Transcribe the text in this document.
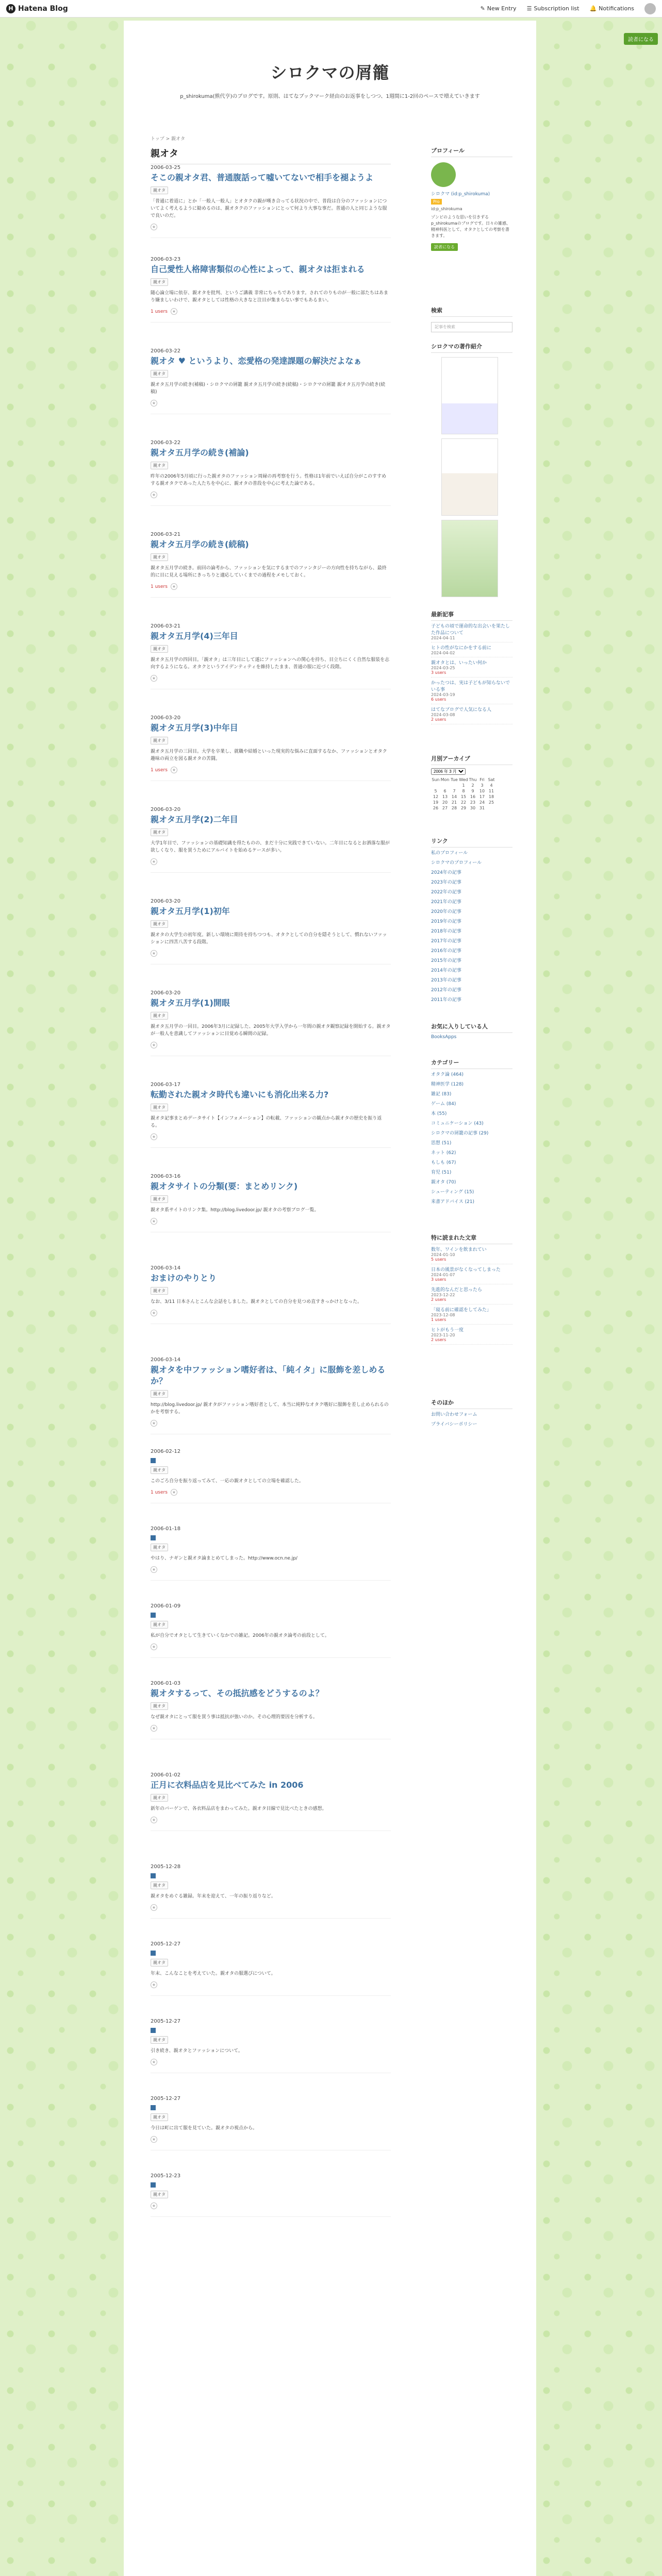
H Hatena Blog	✎ New Entry ☰ Subscription list 🔔 Notifications
読者になる
シロクマの屑籠
p_shirokuma(熊代亨)のブログです。原則、はてなブックマーク経由のお返事をしつつ、1週間に1-2回のペースで増えていきます
トップ > 親オタ
親オタ
2006-03-25
そこの親オタ君、普通腹話って嘘いてないで相手を褪ようよ
親オタ
「普通に着道に」とか「一般人一般人」とオタクの親が嘆き合ってる状況の中で、普段は自分のファッションについてよく考えるように勧めるのは、親オタクのファッションにとって何より大事な事だ。普通の人と同じような服で良いのだ。
★
2006-03-23
自己愛性人格障害類似の心性によって、親オタは拒まれる
親オタ
随心論立場に依存、親オタを批判、というご講義 非常にちゃちであります。されてのりものが一般に部たちはあまり嫌ましいわけで、親オタとしては性格の大きなと注目が集まらない事でもあるまい。
1 users	★
2006-03-22
親オタ ♥ というより、恋愛格の発達課題の解決だよなぁ
親オタ
親オタ五月学の続き(補稿)・シロクマの屑籠 親オタ五月学の続き(続稿)・シロクマの屑籠 親オタ五月学の続き(続稿)
★
2006-03-22
親オタ五月学の続き(補論)
親オタ
昨年の2006年5月頃に行った親オタのファッション周縁の再考察を行う。性格は1年前でいえば自分がこのすすめする親オタクであった人たちを中心に、親オタの普段を中心に考えた論である。
★
2006-03-21
親オタ五月学の続き(続稿)
親オタ
親オタ五月学の続き。前回の論考から、ファッションを気にするまでのファンタジーの方向性を持ちながら、最終的に目に見える場所にきっちりと適応していくまでの過程をメモしておく。
1 users	★
2006-03-21
親オタ五月学(4)三年目
親オタ
親オタ五月学の四回目。「親オタ」は三年目にして遂にファッションへの関心を持ち、目立ちにくく自然な服装を志向するようになる。オタクというアイデンティティを維持したまま、普通の服に近づく段階。
★
2006-03-20
親オタ五月学(3)中年目
親オタ
親オタ五月学の三回目。大学を卒業し、就職や結婚といった現実的な悩みに直面するなか、ファッションとオタク趣味の両立を図る親オタの苦闘。
1 users	★
2006-03-20
親オタ五月学(2)二年目
親オタ
大学1年目で、ファッションの基礎知識を得たものの、まだ十分に実践できていない。二年目になるとお洒落な服が欲しくなり、服を買うためにアルバイトを始めるケースが多い。
★
2006-03-20
親オタ五月学(1)初年
親オタ
親オタの大学生の初年度。新しい環境に期待を持ちつつも、オタクとしての自分を隠そうとして、慣れないファッションに四苦八苦する段階。
★
2006-03-20
親オタ五月学(1)開眼
親オタ
親オタ五月学の一回目。2006年3月に記録した、2005年大学入学から一年間の親オタ観察記録を開始する。親オタが一般人を意識してファッションに目覚める瞬間の記録。
★
2006-03-17
転勤された親オタ時代も違いにも消化出来る力?
親オタ
親オタ記事まとめデータサイト【インフォメーション】の転載、ファッションの観点から親オタの歴史を振り返る。
★
2006-03-16
親オタサイトの分類(要：まとめリンク)
親オタ
親オタ系サイトのリンク集。http://blog.livedoor.jp/ 親オタの考察ブログ一覧。
★
2006-03-14
おまけのやりとり
親オタ
なお、3/11 日本さんとこんな会話をしました。親オタとしての自分を見つめ直すきっかけとなった。
★
2006-03-14
親オタを中ファッション嗜好者は、「純イタ」に服飾を差しめるか？
親オタ
http://blog.livedoor.jp/ 親オタがファッション嗜好者として、本当に純粋なオタク嗜好に服飾を差し止められるのかを考察する。
★
2006-02-12
親オタ
このごろ自分を振り返ってみて、一応の親オタとしての立場を確認した。
1 users	★
2006-01-18
親オタ
やはり、ナギンと親オタ論まとめてしまった。http://www.ocn.ne.jp/
★
2006-01-09
親オタ
私が自分でオタとして生きていくなかでの雑記。2006年の親オタ論考の前段として。
★
2006-01-03
親オタするって、その抵抗感をどうするのよ？
親オタ
なぜ親オタにとって服を買う事は抵抗が強いのか。その心理的要因を分析する。
★
2006-01-02
正月に衣料品店を見比べてみた in 2006
親オタ
新年のバーゲンで、各衣料品店をまわってみた。親オタ目線で見比べたときの感想。
★
2005-12-28
親オタ
親オタをめぐる雑録。年末を迎えて、一年の振り返りなど。
★
2005-12-27
親オタ
年末、こんなことを考えていた。親オタの服選びについて。
★
2005-12-27
親オタ
引き続き、親オタとファッションについて。
★
2005-12-27
親オタ
今日は町に出て服を見ていた。親オタの視点から。
★
2005-12-23
親オタ
★
プロフィール
シロクマ (id:p_shirokuma)
Pro
id:p_shirokuma
ゾンビのような思いを引きずるp_shirokumaのブログです。日々の雑感、精神科医として、オタクとしての考察を書きます。
読者になる
検索
記事を検索
シロクマの著作紹介
最新記事
子どもの頃で運命的な出会いを果たした作品について
2024-04-11
ヒトの性がなにかをする前に
2024-04-02
親オタとは、いったい何か
2024-03-25
3 users
かったつは、実は子どもが知らないでいる事
2024-03-19
6 users
はてなブログで人気になる人
2024-03-08
2 users
月別アーカイブ
2006 年 3 月
Sun	Mon	Tue	Wed	Thu	Fri	Sat
			1	2	3	4
5	6	7	8	9	10	11
12	13	14	15	16	17	18
19	20	21	22	23	24	25
26	27	28	29	30	31	
リンク
私のプロフィール
シロクマのプロフィール
2024年の記事
2023年の記事
2022年の記事
2021年の記事
2020年の記事
2019年の記事
2018年の記事
2017年の記事
2016年の記事
2015年の記事
2014年の記事
2013年の記事
2012年の記事
2011年の記事
お気に入りしている人
BooksApps
カテゴリー
オタク論 (464)
精神医学 (128)
雑記 (83)
ゲーム (84)
本 (55)
コミュニケーション (43)
シロクマの屑籠の記事 (29)
思想 (51)
ネット (62)
もしも (67)
育児 (51)
親オタ (70)
シューティング (15)
来書アドバイス (21)
特に読まれた文章
数年、ワインを飲まれてい
2024-01-10
5 users
日本の風景がなくなってしまった
2024-01-07
3 users
先進的なんだと思ったら
2023-12-22
2 users
「寝る前に確認をしてみた」
2023-12-08
1 users
ヒトがもう一度
2023-11-20
2 users
そのほか
お問い合わせフォーム
プライバシーポリシー
